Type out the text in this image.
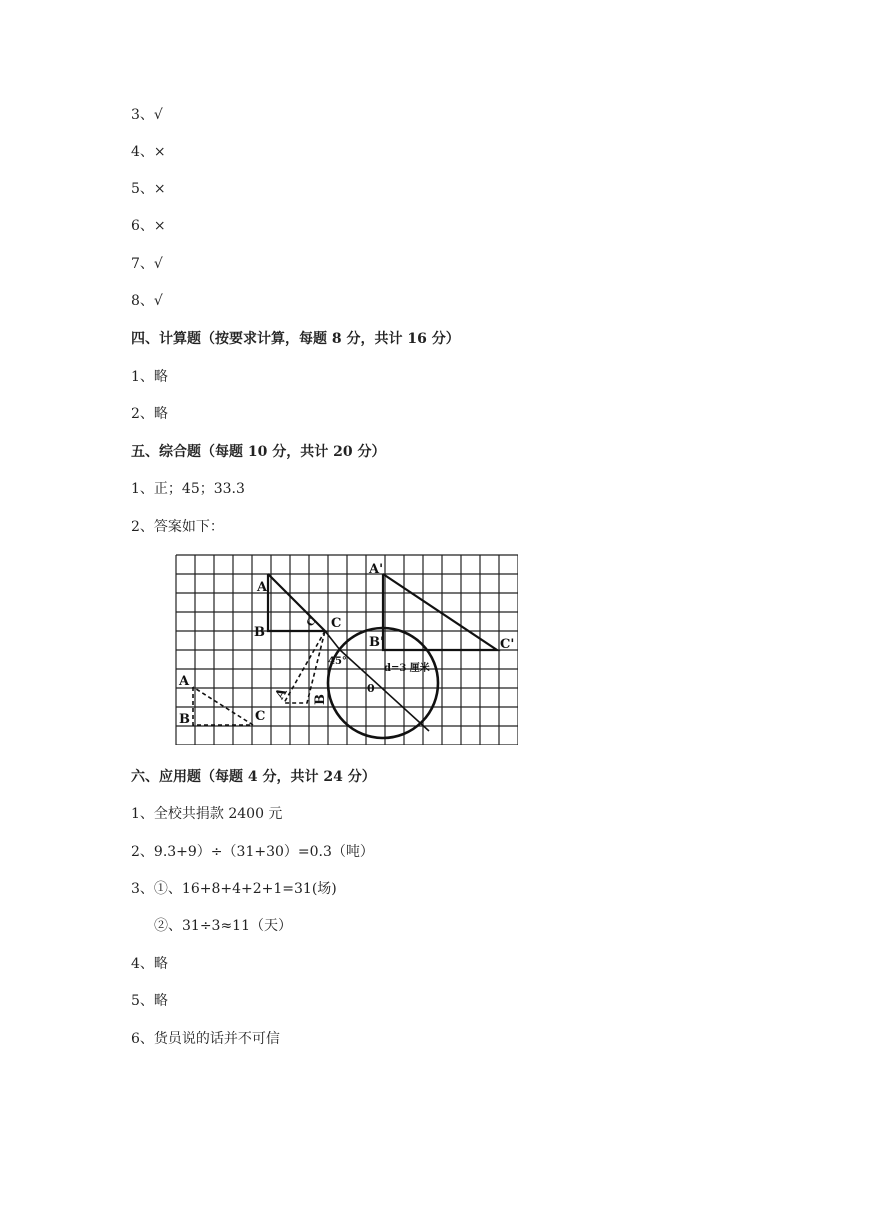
3、√
4、×
5、×
6、×
7、√
8、√
四、计算题（按要求计算，每题 8 分，共计 16 分）
1、略
2、略
五、综合题（每题 10 分，共计 20 分）
1、正；45；33.3
2、答案如下：
A
B
C
A
B	C
A B
C
45°
A'
B'	C'
d=3 厘米
0
六、应用题（每题 4 分，共计 24 分）
1、全校共捐款 2400 元
2、9.3+9）÷（31+30）=0.3（吨）
3、①、16+8+4+2+1=31(场)
②、31÷3≈11（天）
4、略
5、略
6、货员说的话并不可信
